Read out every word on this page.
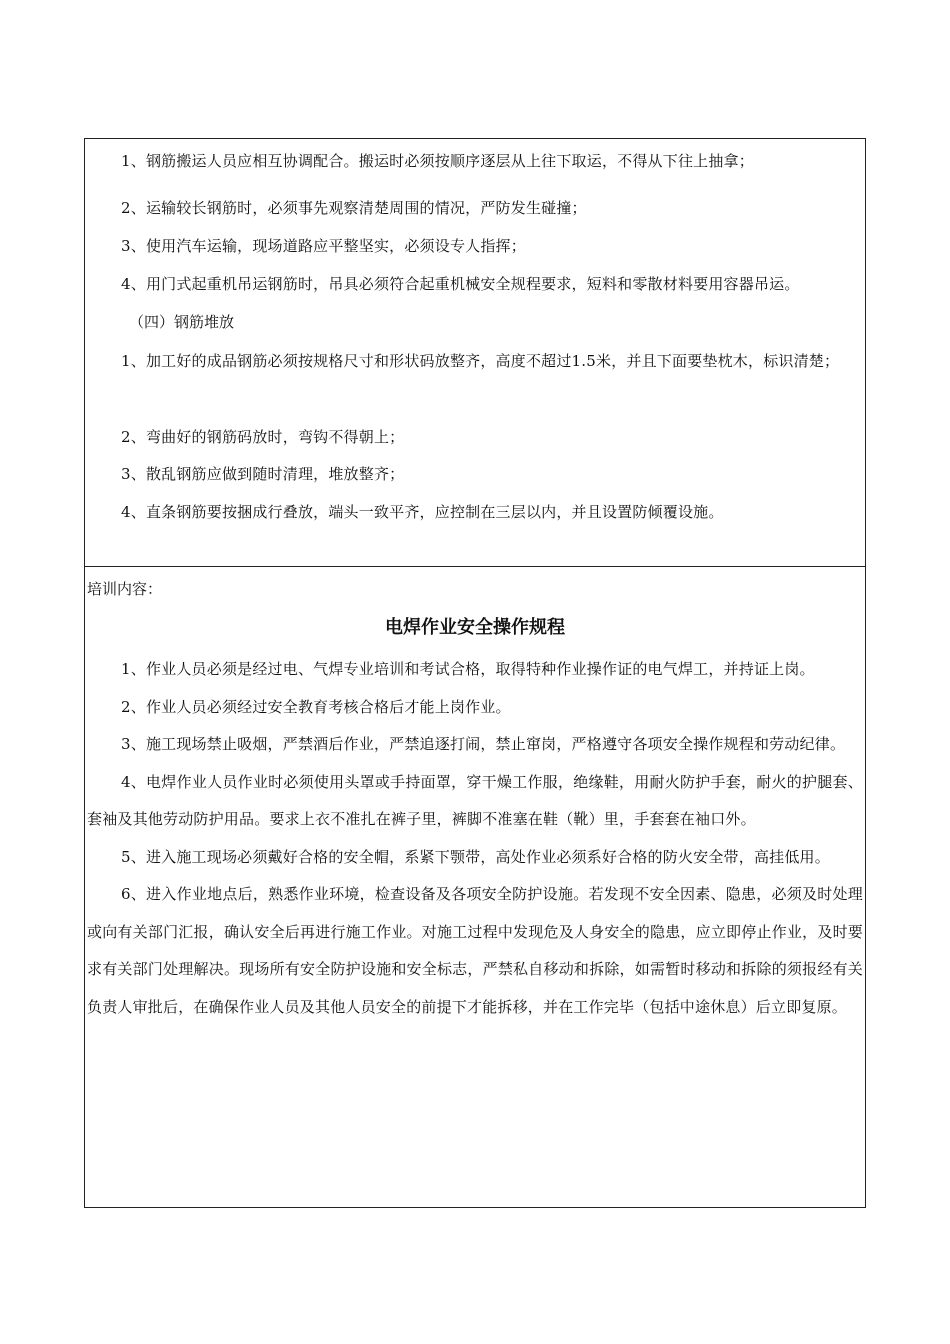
1、钢筋搬运人员应相互协调配合。搬运时必须按顺序逐层从上往下取运，不得从下往上抽拿；

2、运输较长钢筋时，必须事先观察清楚周围的情况，严防发生碰撞；

3、使用汽车运输，现场道路应平整坚实，必须设专人指挥；

4、用门式起重机吊运钢筋时，吊具必须符合起重机械安全规程要求，短料和零散材料要用容器吊运。

（四）钢筋堆放

1、加工好的成品钢筋必须按规格尺寸和形状码放整齐，高度不超过1.5米，并且下面要垫枕木，标识清楚；

2、弯曲好的钢筋码放时，弯钩不得朝上；

3、散乱钢筋应做到随时清理，堆放整齐；

4、直条钢筋要按捆成行叠放，端头一致平齐，应控制在三层以内，并且设置防倾覆设施。

培训内容：
电焊作业安全操作规程

1、作业人员必须是经过电、气焊专业培训和考试合格，取得特种作业操作证的电气焊工，并持证上岗。

2、作业人员必须经过安全教育考核合格后才能上岗作业。

3、施工现场禁止吸烟，严禁酒后作业，严禁追逐打闹，禁止窜岗，严格遵守各项安全操作规程和劳动纪律。

4、电焊作业人员作业时必须使用头罩或手持面罩，穿干燥工作服，绝缘鞋，用耐火防护手套，耐火的护腿套、套袖及其他劳动防护用品。要求上衣不准扎在裤子里，裤脚不准塞在鞋（靴）里，手套套在袖口外。

5、进入施工现场必须戴好合格的安全帽，系紧下颚带，高处作业必须系好合格的防火安全带，高挂低用。

6、进入作业地点后，熟悉作业环境，检查设备及各项安全防护设施。若发现不安全因素、隐患，必须及时处理或向有关部门汇报，确认安全后再进行施工作业。对施工过程中发现危及人身安全的隐患，应立即停止作业，及时要求有关部门处理解决。现场所有安全防护设施和安全标志，严禁私自移动和拆除，如需暂时移动和拆除的须报经有关负责人审批后，在确保作业人员及其他人员安全的前提下才能拆移，并在工作完毕（包括中途休息）后立即复原。
